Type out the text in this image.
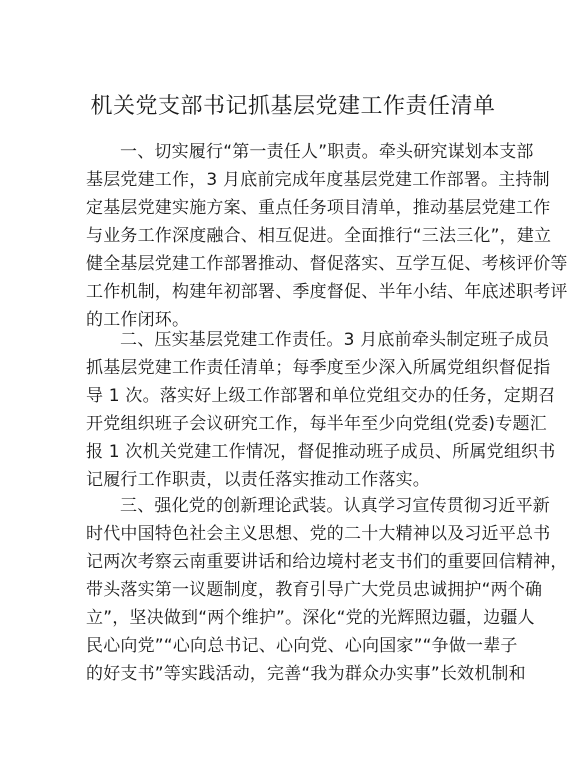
机关党支部书记抓基层党建工作责任清单
一、切实履行“第一责任人”职责。牵头研究谋划本支部
基层党建工作，3 月底前完成年度基层党建工作部署。主持制
定基层党建实施方案、重点任务项目清单，推动基层党建工作
与业务工作深度融合、相互促进。全面推行“三法三化”，建立
健全基层党建工作部署推动、督促落实、互学互促、考核评价等
工作机制，构建年初部署、季度督促、半年小结、年底述职考评
的工作闭环。
二、压实基层党建工作责任。3 月底前牵头制定班子成员
抓基层党建工作责任清单；每季度至少深入所属党组织督促指
导 1 次。落实好上级工作部署和单位党组交办的任务，定期召
开党组织班子会议研究工作，每半年至少向党组(党委)专题汇
报 1 次机关党建工作情况，督促推动班子成员、所属党组织书
记履行工作职责，以责任落实推动工作落实。
三、强化党的创新理论武装。认真学习宣传贯彻习近平新
时代中国特色社会主义思想、党的二十大精神以及习近平总书
记两次考察云南重要讲话和给边境村老支书们的重要回信精神，
带头落实第一议题制度，教育引导广大党员忠诚拥护“两个确
立”，坚决做到“两个维护”。深化“党的光辉照边疆，边疆人
民心向党”“心向总书记、心向党、心向国家”“争做一辈子
的好支书”等实践活动，完善“我为群众办实事”长效机制和
